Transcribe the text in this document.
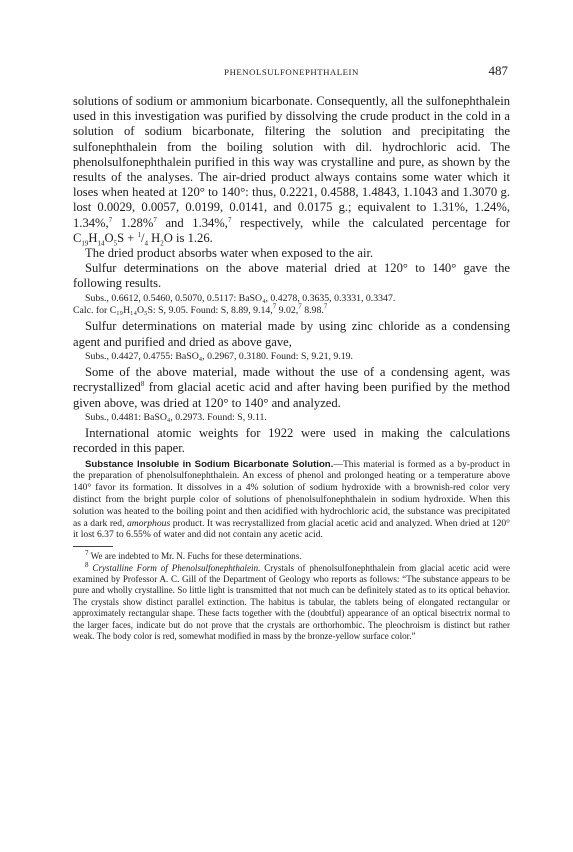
PHENOLSULFONEPHTHALEIN	487

solutions of sodium or ammonium bicarbonate. Consequently, all the sulfonephthalein used in this investigation was purified by dissolving the crude product in the cold in a solution of sodium bicarbonate, filtering the solution and precipitating the sulfonephthalein from the boiling solution with dil. hydrochloric acid. The phenolsulfonephthalein purified in this way was crystalline and pure, as shown by the results of the analyses. The air-dried product always contains some water which it loses when heated at 120° to 140°: thus, 0.2221, 0.4588, 1.4843, 1.1043 and 1.3070 g. lost 0.0029, 0.0057, 0.0199, 0.0141, and 0.0175 g.; equivalent to 1.31%, 1.24%, 1.34%,$^7$ 1.28%$^7$ and 1.34%,$^7$ respectively, while the calculated percentage for $C_{19}H_{14}O_5S + ^1/_4$ $H_2O$ is 1.26.

The dried product absorbs water when exposed to the air.

Sulfur determinations on the above material dried at 120° to 140° gave the following results.

Subs., 0.6612, 0.5460, 0.5070, 0.5117: BaSO₄, 0.4278, 0.3635, 0.3331, 0.3347.
Calc. for C₁₉H₁₄O₅S: S, 9.05. Found: S, 8.89, 9.14,$^7$ 9.02,$^7$ 8.98.$^7$

Sulfur determinations on material made by using zinc chloride as a condensing agent and purified and dried as above gave,

Subs., 0.4427, 0.4755: BaSO₄, 0.2967, 0.3180. Found: S, 9.21, 9.19.

Some of the above material, made without the use of a condensing agent, was recrystallized$^8$ from glacial acetic acid and after having been purified by the method given above, was dried at 120° to 140° and analyzed.

Subs., 0.4481: BaSO₄, 0.2973. Found: S, 9.11.

International atomic weights for 1922 were used in making the calculations recorded in this paper.

Substance Insoluble in Sodium Bicarbonate Solution.—This material is formed as a by-product in the preparation of phenolsulfonephthalein. An excess of phenol and prolonged heating or a temperature above 140° favor its formation. It dissolves in a 4% solution of sodium hydroxide with a brownish-red color very distinct from the bright purple color of solutions of phenolsulfonephthalein in sodium hydroxide. When this solution was heated to the boiling point and then acidified with hydrochloric acid, the substance was precipitated as a dark red, amorphous product. It was recrystallized from glacial acetic acid and analyzed. When dried at 120° it lost 6.37 to 6.55% of water and did not contain any acetic acid.

$^7$ We are indebted to Mr. N. Fuchs for these determinations.

$^8$ Crystalline Form of Phenolsulfonephthalein. Crystals of phenolsulfonephthalein from glacial acetic acid were examined by Professor A. C. Gill of the Department of Geology who reports as follows: “The substance appears to be pure and wholly crystalline. So little light is transmitted that not much can be definitely stated as to its optical behavior. The crystals show distinct parallel extinction. The habitus is tabular, the tablets being of elongated rectangular or approximately rectangular shape. These facts together with the (doubtful) appearance of an optical bisectrix normal to the larger faces, indicate but do not prove that the crystals are orthorhombic. The pleochroism is distinct but rather weak. The body color is red, somewhat modified in mass by the bronze-yellow surface color.”
